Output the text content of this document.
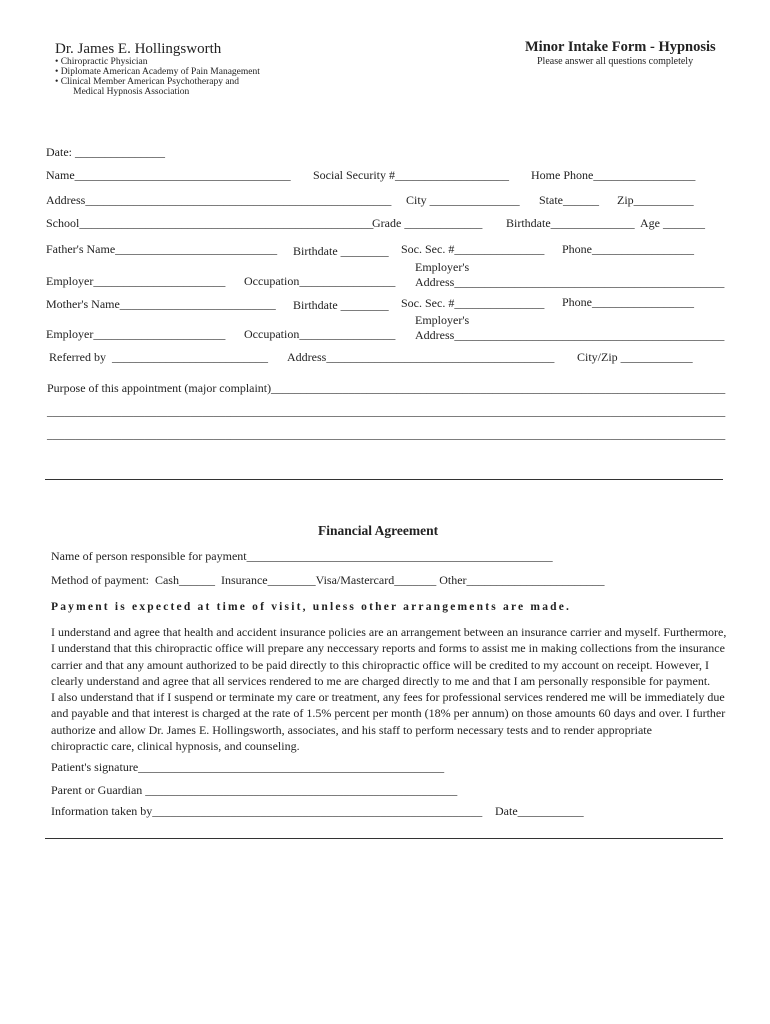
Dr. James E. Hollingsworth
• Chiropractic Physician
• Diplomate American Academy of Pain Management
• Clinical Member American Psychotherapy and
Medical Hypnosis Association
Minor Intake Form - Hypnosis
Please answer all questions completely
Date: _______________
Name____________________________________ Social Security #___________________ Home Phone_________________
Address___________________________________________________ City _______________ State______ Zip__________
School_________________________________________________
Grade _____________ Birthdate______________ Age _______
Father's Name___________________________ Birthdate ________ Soc. Sec. #_______________ Phone_________________
Employer's
Employer______________________ Occupation________________ Address_____________________________________________
Mother's Name__________________________ Birthdate ________ Soc. Sec. #_______________ Phone_________________
Employer's
Employer______________________ Occupation________________ Address_____________________________________________
Referred by  __________________________ Address______________________________________ City/Zip ____________
Purpose of this appointment (major complaint)____________________________________________________________________________
______________________________________________________________________________________________________________________
______________________________________________________________________________________________________________________
Financial Agreement
Name of person responsible for payment___________________________________________________
Method of payment:  Cash______  Insurance________Visa/Mastercard_______ Other_______________________
Payment is expected at time of visit, unless other arrangements are made.
I understand and agree that health and accident insurance policies are an arrangement between an insurance carrier and myself. Furthermore,
I understand that this chiropractic office will prepare any neccessary reports and forms to assist me in making collections from the insurance
carrier and that any amount authorized to be paid directly to this chiropractic office will be credited to my account on receipt. However, I
clearly understand and agree that all services rendered to me are charged directly to me and that I am personally responsible for payment.
I also understand that if I suspend or terminate my care or treatment, any fees for professional services rendered me will be immediately due
and payable and that interest is charged at the rate of 1.5% percent per month (18% per annum) on those amounts 60 days and over. I further
authorize and allow Dr. James E. Hollingsworth, associates, and his staff to perform necessary tests and to render appropriate
chiropractic care, clinical hypnosis, and counseling.
Patient's signature___________________________________________________
Parent or Guardian ____________________________________________________
Information taken by_______________________________________________________ Date___________
